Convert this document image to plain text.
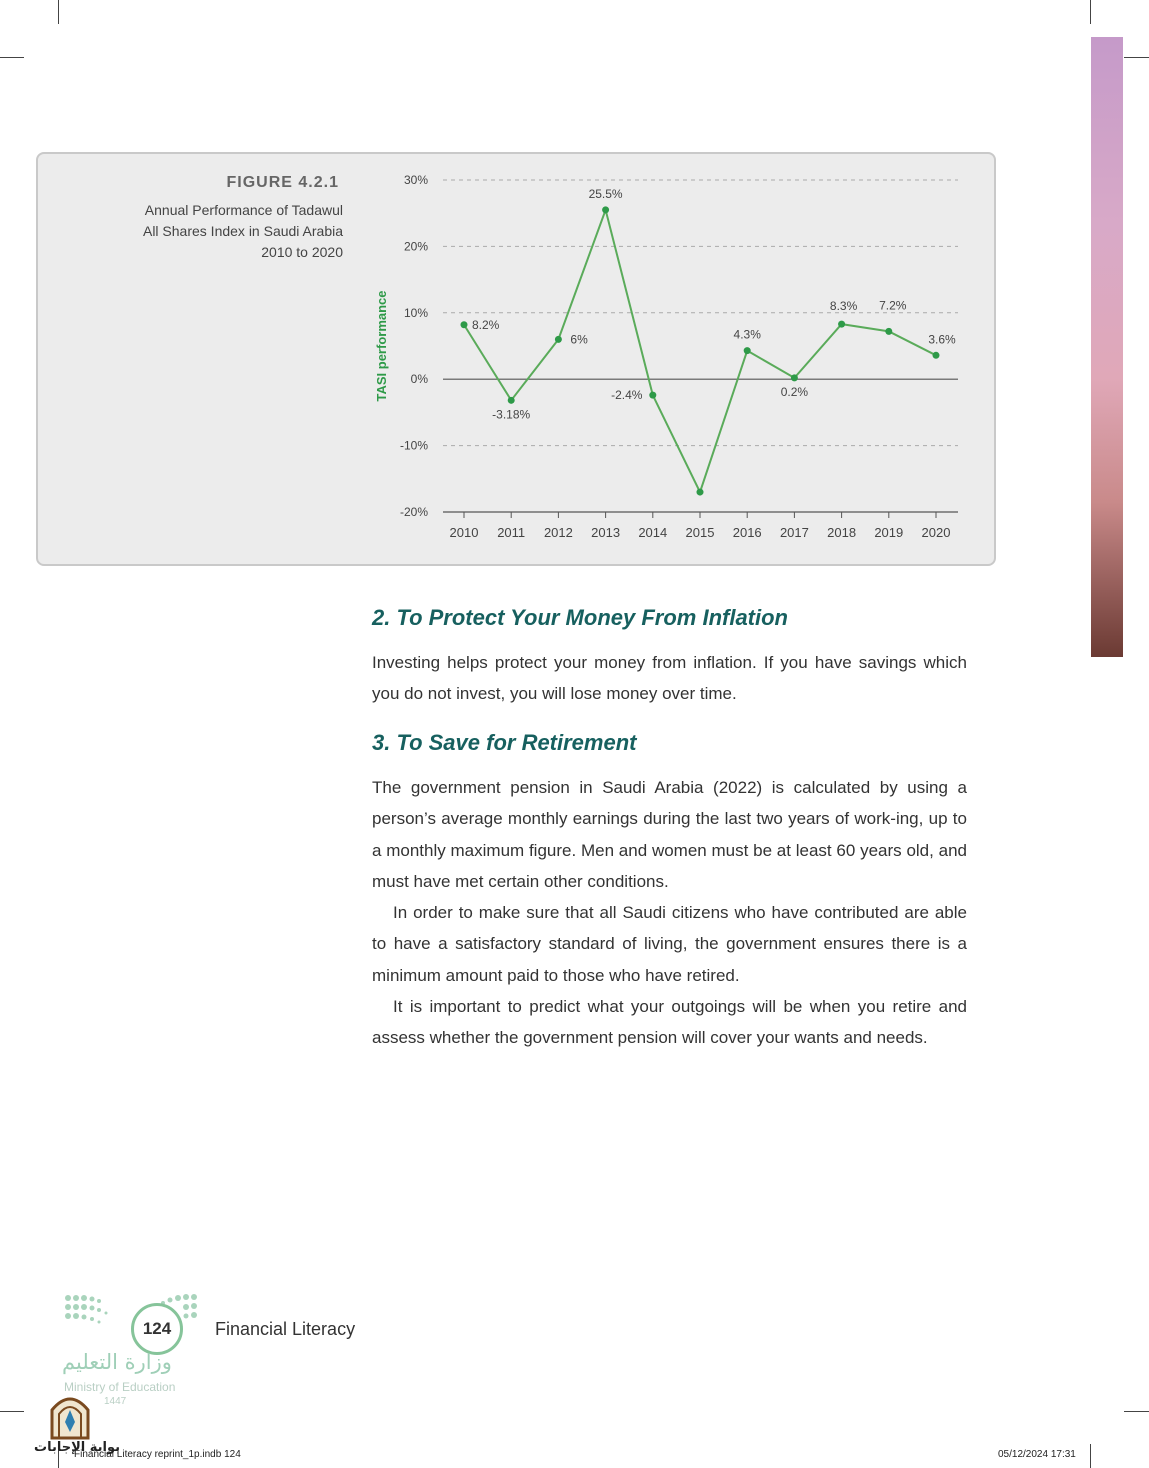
FIGURE 4.2.1
Annual Performance of Tadawul
All Shares Index in Saudi Arabia
2010 to 2020
30%
20%
10%
0%
-10%
-20%
TASI performance
2010 2011 2012 2013 2014 2015 2016 2017 2018 2019 2020
8.2%
-3.18%
6%
25.5%
-2.4%
4.3%
0.2%
8.3% 7.2%
3.6%
2. To Protect Your Money From Inflation

Investing helps protect your money from inflation. If you have savings which you do not invest, you will lose money over time.

3. To Save for Retirement

The government pension in Saudi Arabia (2022) is calculated by using a person’s average monthly earnings during the last two years of work-ing, up to a monthly maximum figure. Men and women must be at least 60 years old, and must have met certain other conditions.

In order to make sure that all Saudi citizens who have contributed are able to have a satisfactory standard of living, the government ensures there is a minimum amount paid to those who have retired.

It is important to predict what your outgoings will be when you retire and assess whether the government pension will cover your wants and needs.

124	Financial Literacy
وزارة التعليم
Ministry of Education
1447
بوابة الإجابات
Financial Literacy reprint_1p.indb 124	05/12/2024 17:31
